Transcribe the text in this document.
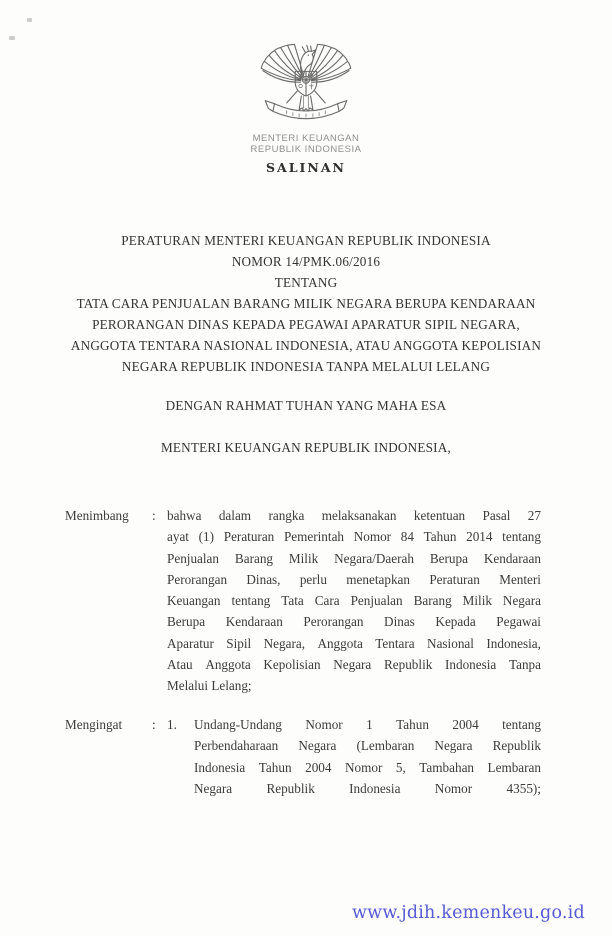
MENTERI KEUANGAN
REPUBLIK INDONESIA
SALINAN
PERATURAN MENTERI KEUANGAN REPUBLIK INDONESIA
NOMOR 14/PMK.06/2016
TENTANG
TATA CARA PENJUALAN BARANG MILIK NEGARA BERUPA KENDARAAN
PERORANGAN DINAS KEPADA PEGAWAI APARATUR SIPIL NEGARA,
ANGGOTA TENTARA NASIONAL INDONESIA, ATAU ANGGOTA KEPOLISIAN
NEGARA REPUBLIK INDONESIA TANPA MELALUI LELANG
DENGAN RAHMAT TUHAN YANG MAHA ESA
MENTERI KEUANGAN REPUBLIK INDONESIA,
Menimbang	: bahwa dalam rangka melaksanakan ketentuan Pasal 27
ayat (1) Peraturan Pemerintah Nomor 84 Tahun 2014 tentang
Penjualan Barang Milik Negara/Daerah Berupa Kendaraan
Perorangan Dinas, perlu menetapkan Peraturan Menteri
Keuangan tentang Tata Cara Penjualan Barang Milik Negara
Berupa Kendaraan Perorangan Dinas Kepada Pegawai
Aparatur Sipil Negara, Anggota Tentara Nasional Indonesia,
Atau Anggota Kepolisian Negara Republik Indonesia Tanpa
Melalui Lelang;
Mengingat	: 1.	Undang-Undang Nomor 1 Tahun 2004 tentang
Perbendaharaan Negara (Lembaran Negara Republik
Indonesia Tahun 2004 Nomor 5, Tambahan Lembaran
Negara	Republik	Indonesia	Nomor	4355);
www.jdih.kemenkeu.go.id
